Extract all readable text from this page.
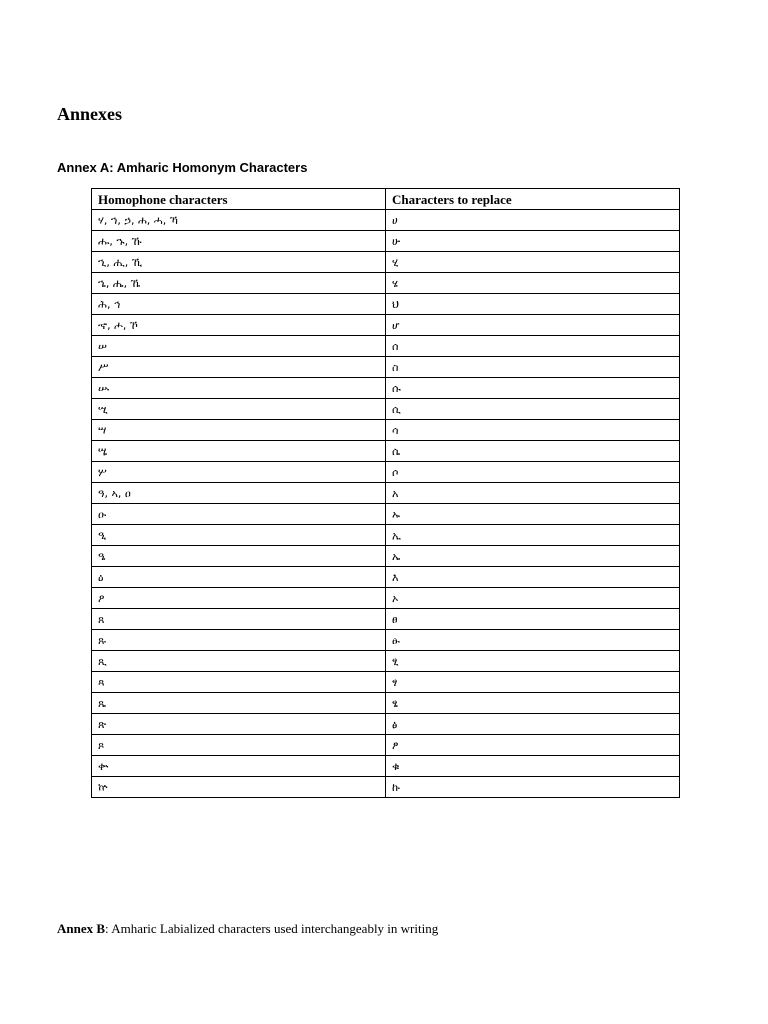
Annexes
Annex A: Amharic Homonym Characters
Homophone characters	Characters to replace
ሃ, ኀ, ኃ, ሐ, ሓ, ኻ	ሀ
ሑ, ኁ, ኹ	ሁ
ኂ, ሒ, ኺ	ሂ
ኄ, ሔ, ኼ	ሄ
ሕ, ኅ	ህ
ኆ, ሖ, ኾ	ሆ
ሠ	ሰ
ሥ	ስ
ሡ	ሱ
ሢ	ሲ
ሣ	ሳ
ሤ	ሴ
ሦ	ሶ
ዓ, ኣ, ዐ	አ
ዑ	ኡ
ዒ	ኢ
ዔ	ኤ
ዕ	እ
ዖ	ኦ
ጸ	ፀ
ጹ	ፁ
ጺ	ፂ
ጻ	ፃ
ጼ	ፄ
ጽ	ፅ
ጾ	ፆ
ቍ	ቁ
ኵ	ኩ

Annex B: Amharic Labialized characters used interchangeably in writing
